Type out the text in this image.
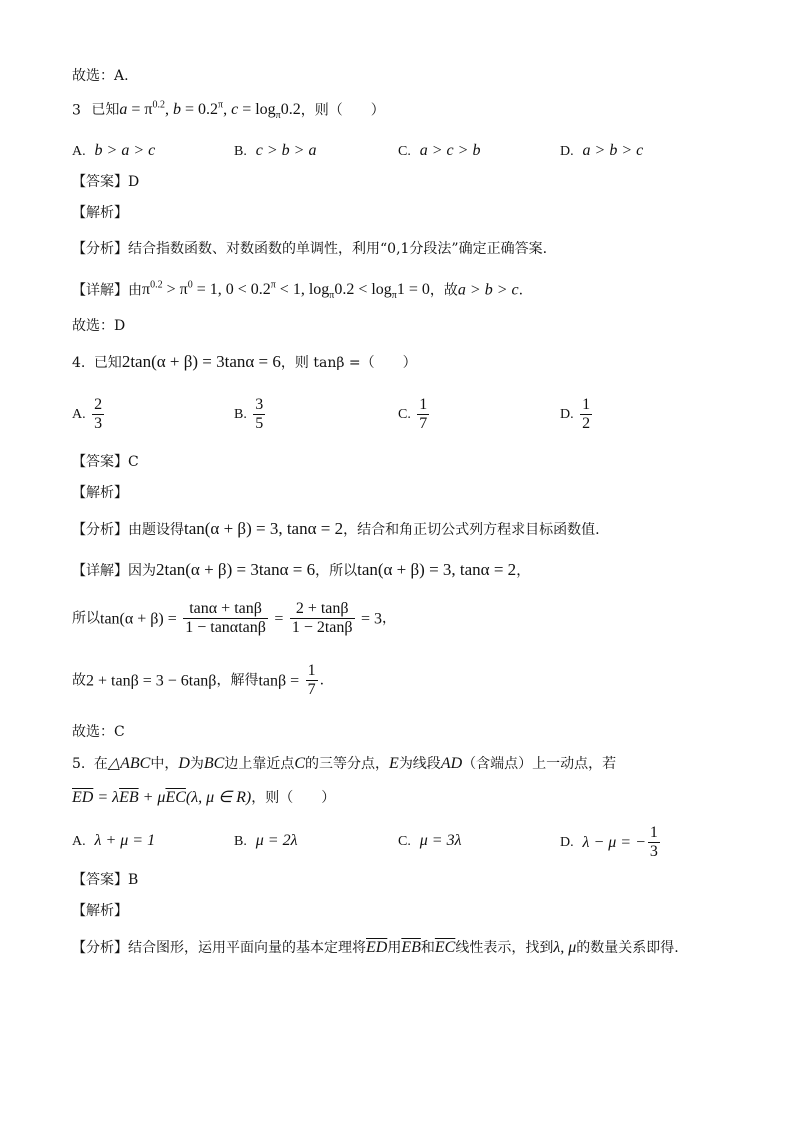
故选：A.
3 已知$a = \pi^{0.2}$, $b = 0.2^\pi$, $c = \log_\pi 0.2$，则（　　）
A. b > a > c	B. c > b > a	C. a > c > b	D. a > b > c
【答案】D
【解析】
【分析】结合指数函数、对数函数的单调性，利用“0,1分段法”确定正确答案.
【详解】由$\pi^{0.2} > \pi^0 = 1$, $0 < 0.2^\pi < 1$, $\log_\pi 0.2 < \log_\pi 1 = 0$，故a > b > c.
故选：D
4. 已知2tan(α + β) = 3tanα = 6，则 tanβ =（　　）
A. $\frac{2}{3}$	B. $\frac{3}{5}$	C. $\frac{1}{7}$	D. $\frac{1}{2}$
【答案】C
【解析】
【分析】由题设得tan(α + β) = 3, tanα = 2，结合和角正切公式列方程求目标函数值.
【详解】因为2tan(α + β) = 3tanα = 6，所以tan(α + β) = 3, tanα = 2，
所以$\tan(\alpha + \beta) = \frac{\tan\alpha + \tan\beta}{1 - \tan\alpha\tan\beta} = \frac{2 + \tan\beta}{1 - 2\tan\beta} = 3$，
故2 + tanβ = 3 − 6tanβ，解得$\tan\beta = \frac{1}{7}$ .
故选：C
5. 在△ABC中，D为BC边上靠近点C的三等分点，E为线段AD（含端点）上一动点，若
$\overline{ED} = \lambda\overline{EB} + \mu\overline{EC}(\lambda$, μ ∈ R)，则（　　）
A. λ + μ = 1	B. μ = 2λ	C. μ = 3λ	D. λ − μ = − $\frac{1}{3}$
【答案】B
【解析】
【分析】结合图形，运用平面向量的基本定理将$\overline{ED}$用$\overline{EB}$和$\overline{EC}$线性表示，找到λ, μ的数量关系即得.
